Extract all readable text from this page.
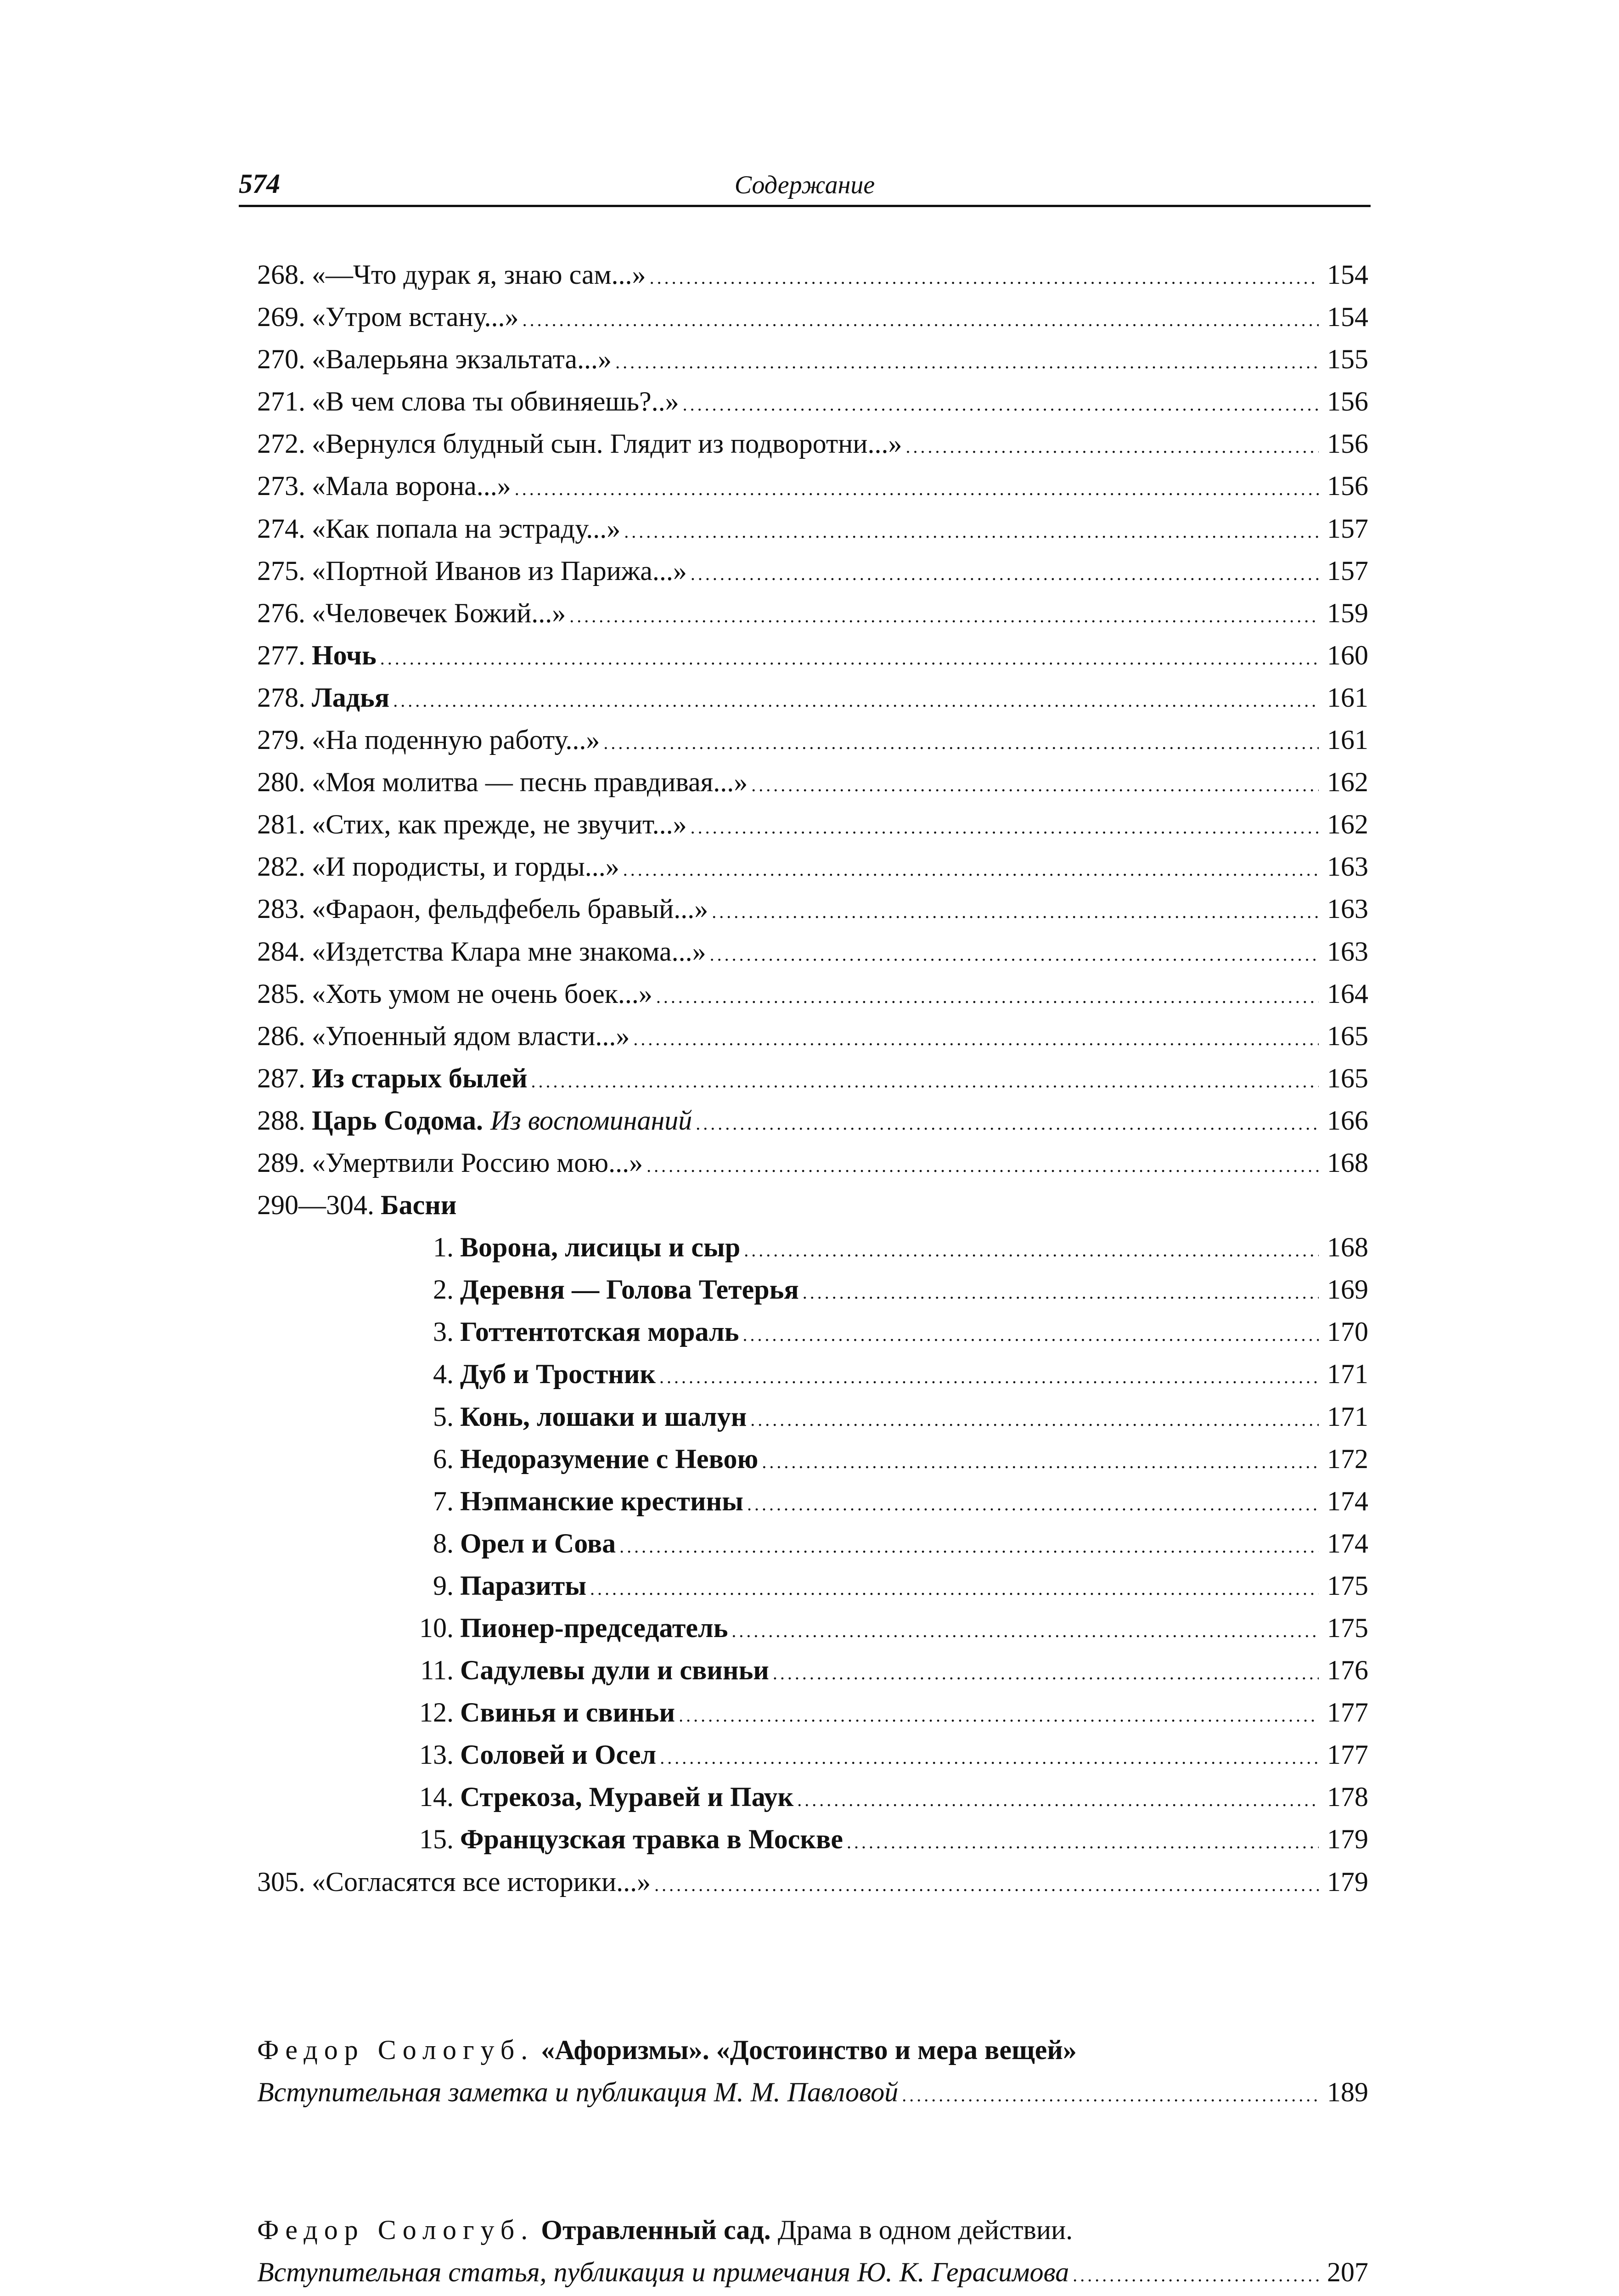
574	Содержание
268. «—Что дурак я, знаю сам...» .....	154
269. «Утром встану...» .....	154
270. «Валерьяна экзальтата...» .....	155
271. «В чем слова ты обвиняешь?..» .....	156
272. «Вернулся блудный сын. Глядит из подворотни...» .....	156
273. «Мала ворона...» .....	156
274. «Как попала на эстраду...» .....	157
275. «Портной Иванов из Парижа...» .....	157
276. «Человечек Божий...» .....	159
277. Ночь .....	160
278. Ладья .....	161
279. «На поденную работу...» .....	161
280. «Моя молитва — песнь правдивая...» .....	162
281. «Стих, как прежде, не звучит...» .....	162
282. «И породисты, и горды...» .....	163
283. «Фараон, фельдфебель бравый...» .....	163
284. «Издетства Клара мне знакома...» .....	163
285. «Хоть умом не очень боек...» .....	164
286. «Упоенный ядом власти...» .....	165
287. Из старых былей .....	165
288. Царь Содома. Из воспоминаний .....	166
289. «Умертвили Россию мою...» .....	168
290—304. Басни
1. Ворона, лисицы и сыр .....	168
2. Деревня — Голова Тетерья .....	169
3. Готтентотская мораль .....	170
4. Дуб и Тростник .....	171
5. Конь, лошаки и шалун .....	171
6. Недоразумение с Невою .....	172
7. Нэпманские крестины .....	174
8. Орел и Сова .....	174
9. Паразиты .....	175
10. Пионер-председатель .....	175
11. Садулевы дули и свиньи .....	176
12. Свинья и свиньи .....	177
13. Соловей и Осел .....	177
14. Стрекоза, Муравей и Паук .....	178
15. Французская травка в Москве .....	179
305. «Согласятся все историки...» .....	179
Федор Сологуб. «Афоризмы». «Достоинство и мера вещей»
Вступительная заметка и публикация М. М. Павловой .....	189
Федор Сологуб. Отравленный сад. Драма в одном действии.
Вступительная статья, публикация и примечания Ю. К. Герасимова .....	207
